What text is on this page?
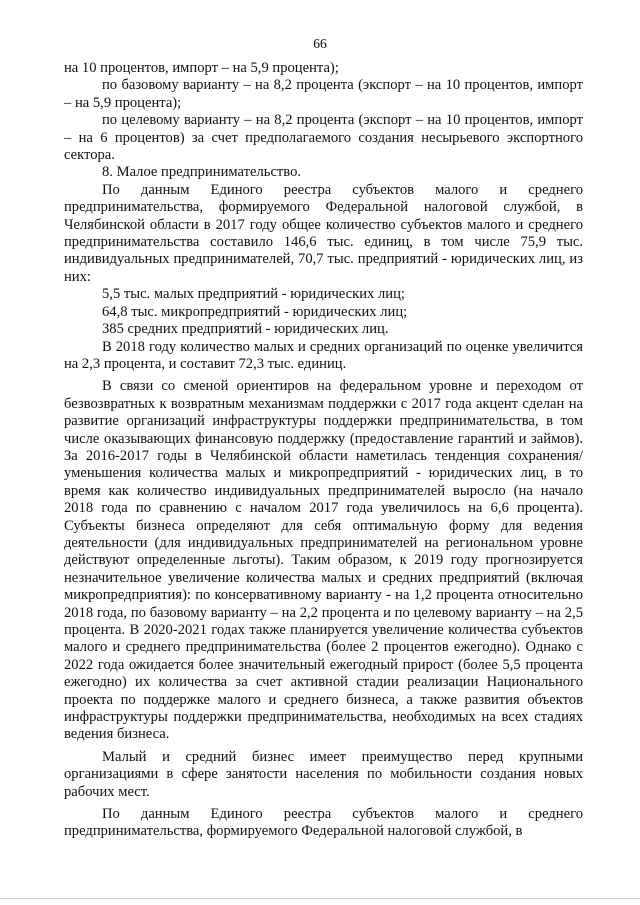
66

на 10 процентов, импорт – на 5,9 процента);

по базовому варианту – на 8,2 процента (экспорт – на 10 процентов, импорт – на 5,9 процента);

по целевому варианту – на 8,2 процента (экспорт – на 10 процентов, импорт – на 6 процентов) за счет предполагаемого создания несырьевого экспортного сектора.

8. Малое предпринимательство.

По данным Единого реестра субъектов малого и среднего предпринимательства, формируемого Федеральной налоговой службой, в Челябинской области в 2017 году общее количество субъектов малого и среднего предпринимательства составило 146,6 тыс. единиц, в том числе 75,9 тыс. индивидуальных предпринимателей, 70,7 тыс. предприятий - юридических лиц, из них:

5,5 тыс. малых предприятий - юридических лиц;

64,8 тыс. микропредприятий - юридических лиц;

385 средних предприятий - юридических лиц.

В 2018 году количество малых и средних организаций по оценке увеличится на 2,3 процента, и составит 72,3 тыс. единиц.

В связи со сменой ориентиров на федеральном уровне и переходом от безвозвратных к возвратным механизмам поддержки с 2017 года акцент сделан на развитие организаций инфраструктуры поддержки предпринимательства, в том числе оказывающих финансовую поддержку (предоставление гарантий и займов). За 2016-2017 годы в Челябинской области наметилась тенденция сохранения/уменьшения количества малых и микропредприятий - юридических лиц, в то время как количество индивидуальных предпринимателей выросло (на начало 2018 года по сравнению с началом 2017 года увеличилось на 6,6 процента). Субъекты бизнеса определяют для себя оптимальную форму для ведения деятельности (для индивидуальных предпринимателей на региональном уровне действуют определенные льготы). Таким образом, к 2019 году прогнозируется незначительное увеличение количества малых и средних предприятий (включая микропредприятия): по консервативному варианту - на 1,2 процента относительно 2018 года, по базовому варианту – на 2,2 процента и по целевому варианту – на 2,5 процента. В 2020-2021 годах также планируется увеличение количества субъектов малого и среднего предпринимательства (более 2 процентов ежегодно). Однако с 2022 года ожидается более значительный ежегодный прирост (более 5,5 процента ежегодно) их количества за счет активной стадии реализации Национального проекта по поддержке малого и среднего бизнеса, а также развития объектов инфраструктуры поддержки предпринимательства, необходимых на всех стадиях ведения бизнеса.

Малый и средний бизнес имеет преимущество перед крупными организациями в сфере занятости населения по мобильности создания новых рабочих мест.

По данным Единого реестра субъектов малого и среднего предпринимательства, формируемого Федеральной налоговой службой, в
